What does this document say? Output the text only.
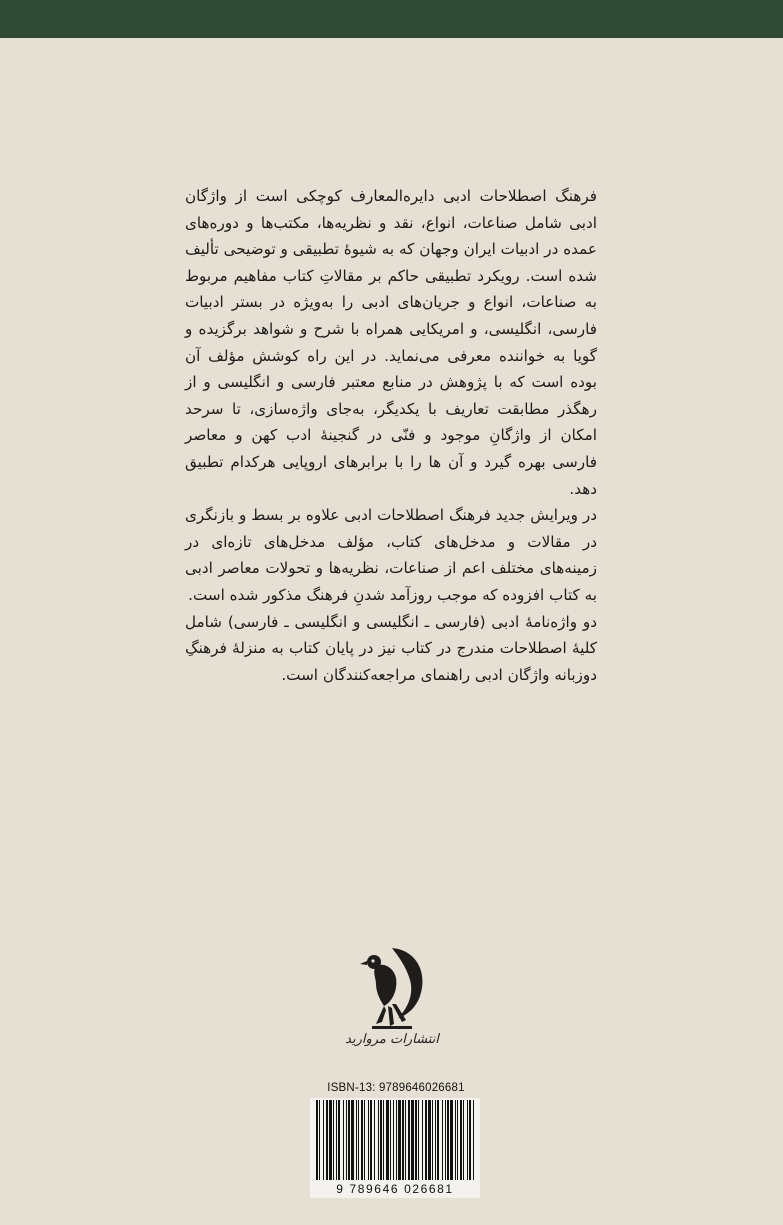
فرهنگ اصطلاحات ادبی دایره‌المعارف کوچکی است از واژگان ادبی شامل صناعات، انواع، نقد و نظریه‌ها، مکتب‌ها و دوره‌های عمده در ادبیات ایران وجهان که به شیوۀ تطبیقی و توضیحی تألیف شده است. رویکرد تطبیقی حاکم بر مقالاتِ کتاب مفاهیم مربوط به صناعات، انواع و جریان‌های ادبی را به‌ویژه در بستر ادبیات فارسی، انگلیسی، و امریکایی همراه با شرح و شواهد برگزیده و گویا به خواننده معرفی می‌نماید. در این راه کوشش مؤلف آن بوده است که با پژوهش در منابع معتبر فارسی و انگلیسی و از رهگذر مطابقت تعاریف با یکدیگر، به‌جای واژه‌سازی، تا سرحد امکان از واژگانِ موجود و فنّی در گنجینۀ ادب کهن و معاصر فارسی بهره گیرد و آن ها را با برابرهای اروپایی هرکدام تطبیق دهد.

در ویرایش جدید فرهنگ اصطلاحات ادبی علاوه بر بسط و بازنگری در مقالات و مدخل‌های کتاب، مؤلف مدخل‌های تازه‌ای در زمینه‌های مختلف اعم از صناعات، نظریه‌ها و تحولات معاصر ادبی به کتاب افزوده که موجب روزآمد شدنِ فرهنگ مذکور شده است.

دو واژه‌نامۀ ادبی (فارسی ـ انگلیسی و انگلیسی ـ فارسی) شامل کلیۀ اصطلاحات مندرج در کتاب نیز در پایان کتاب به منزلۀ فرهنگِ دوزبانه واژگان ادبی راهنمای مراجعه‌کنندگان است.

انتشارات مروارید
ISBN-13: 9789646026681
9 789646 026681
